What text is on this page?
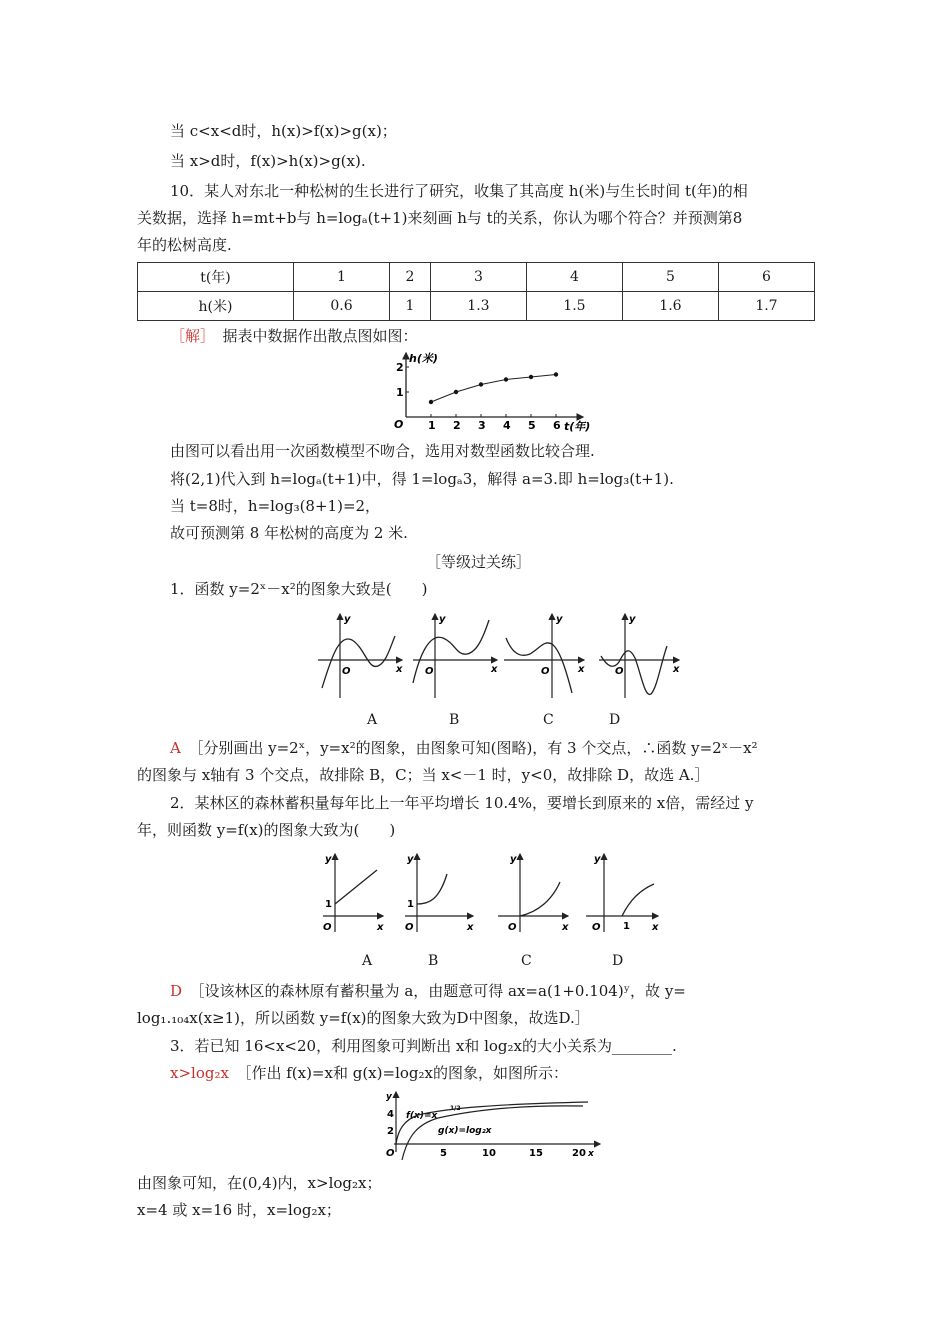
当 c<x<d时，h(x)>f(x)>g(x)；
当 x>d时，f(x)>h(x)>g(x).
10．某人对东北一种松树的生长进行了研究，收集了其高度 h(米)与生长时间 t(年)的相
关数据，选择 h=mt+b与 h=logₐ(t+1)来刻画 h与 t的关系，你认为哪个符合？并预测第8
年的松树高度.
t(年)	1	2	3	4	5	6
h(米)	0.6	1	1.3	1.5	1.6	1.7
［解］　 据表中数据作出散点图如图：
h(米)
t(年)
O 1 2 3 4 5 6
1
2
由图可以看出用一次函数模型不吻合，选用对数型函数比较合理.
将(2,1)代入到 h=logₐ(t+1)中，得 1=logₐ3，解得 a=3.即 h=log₃(t+1).
当 t=8时，h=log₃(8+1)=2，
故可预测第 8 年松树的高度为 2 米.
［等级过关练］
1．函数 y=2ˣ－x²的图象大致是(　　)
y
x
O
y
x
O
y
x
O
y
x
O
A	B	C	D
A　 ［分别画出 y=2ˣ，y=x²的图象，由图象可知(图略)，有 3 个交点，∴函数 y=2ˣ－x²
的图象与 x轴有 3 个交点，故排除 B，C；当 x<－1 时，y<0，故排除 D，故选 A.］
2．某林区的森林蓄积量每年比上一年平均增长 10.4%，要增长到原来的 x倍，需经过 y
年，则函数 y=f(x)的图象大致为(　　)
y
x
O
1
y
x
O
1
y
x
O
y
x
O 1
A	B	C	D
D　 ［设该林区的森林原有蓄积量为 a，由题意可得 ax=a(1+0.104)ʸ，故 y=
log₁.₁₀₄x(x≥1)，所以函数 y=f(x)的图象大致为D中图象，故选D.］
3．若已知 16<x<20，利用图象可判断出 x和 log₂x的大小关系为________.
x>log₂x　 ［作出 f(x)=x和 g(x)=log₂x的图象，如图所示：
y
x
O
2
4
5	10	15	20
f(x)=x
1/2
g(x)=log₂x
由图象可知，在(0,4)内，x>log₂x；
x=4 或 x=16 时，x=log₂x；
